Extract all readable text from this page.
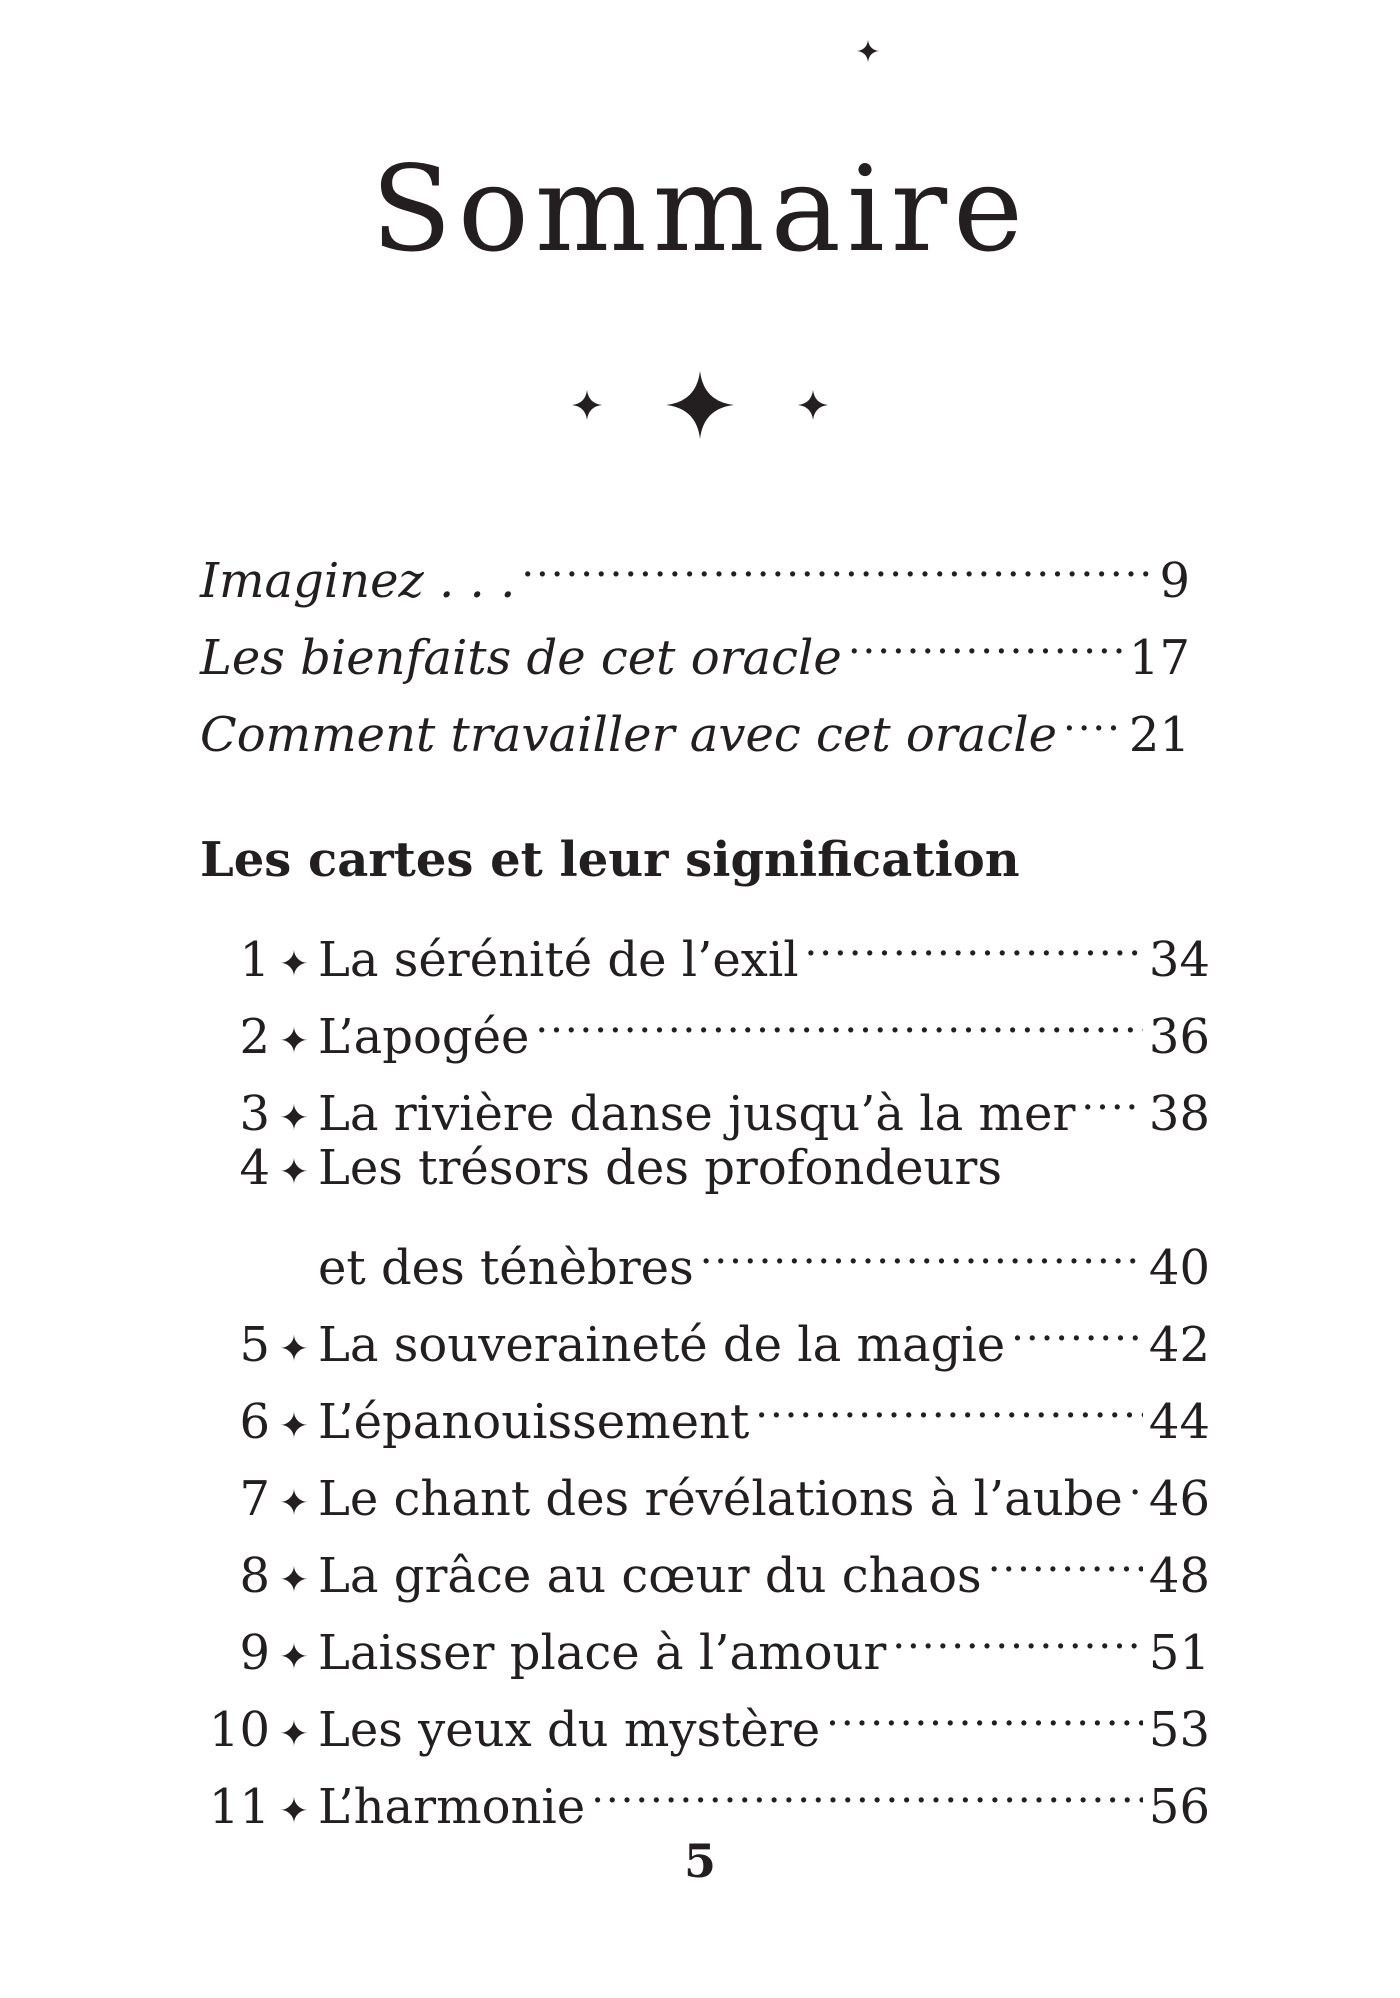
Sommaire
Imaginez . . . .....	9
Les bienfaits de cet oracle .....	17
Comment travailler avec cet oracle ..... 21
Les cartes et leur signification
1 ✦ La sérénité de l’exil .....	34
2 ✦ L’apogée .....	36
3 ✦ La rivière danse jusqu’à la mer ..... 38
4 ✦ Les trésors des profondeurs
et des ténèbres .....	40
5 ✦ La souveraineté de la magie .....	42
6 ✦ L’épanouissement .....	44
7 ✦ Le chant des révélations à l’aube ..... 46
8 ✦ La grâce au cœur du chaos .....	48
9 ✦ Laisser place à l’amour .....	51
10 ✦ Les yeux du mystère .....	53
11 ✦ L’harmonie .....	56
5
